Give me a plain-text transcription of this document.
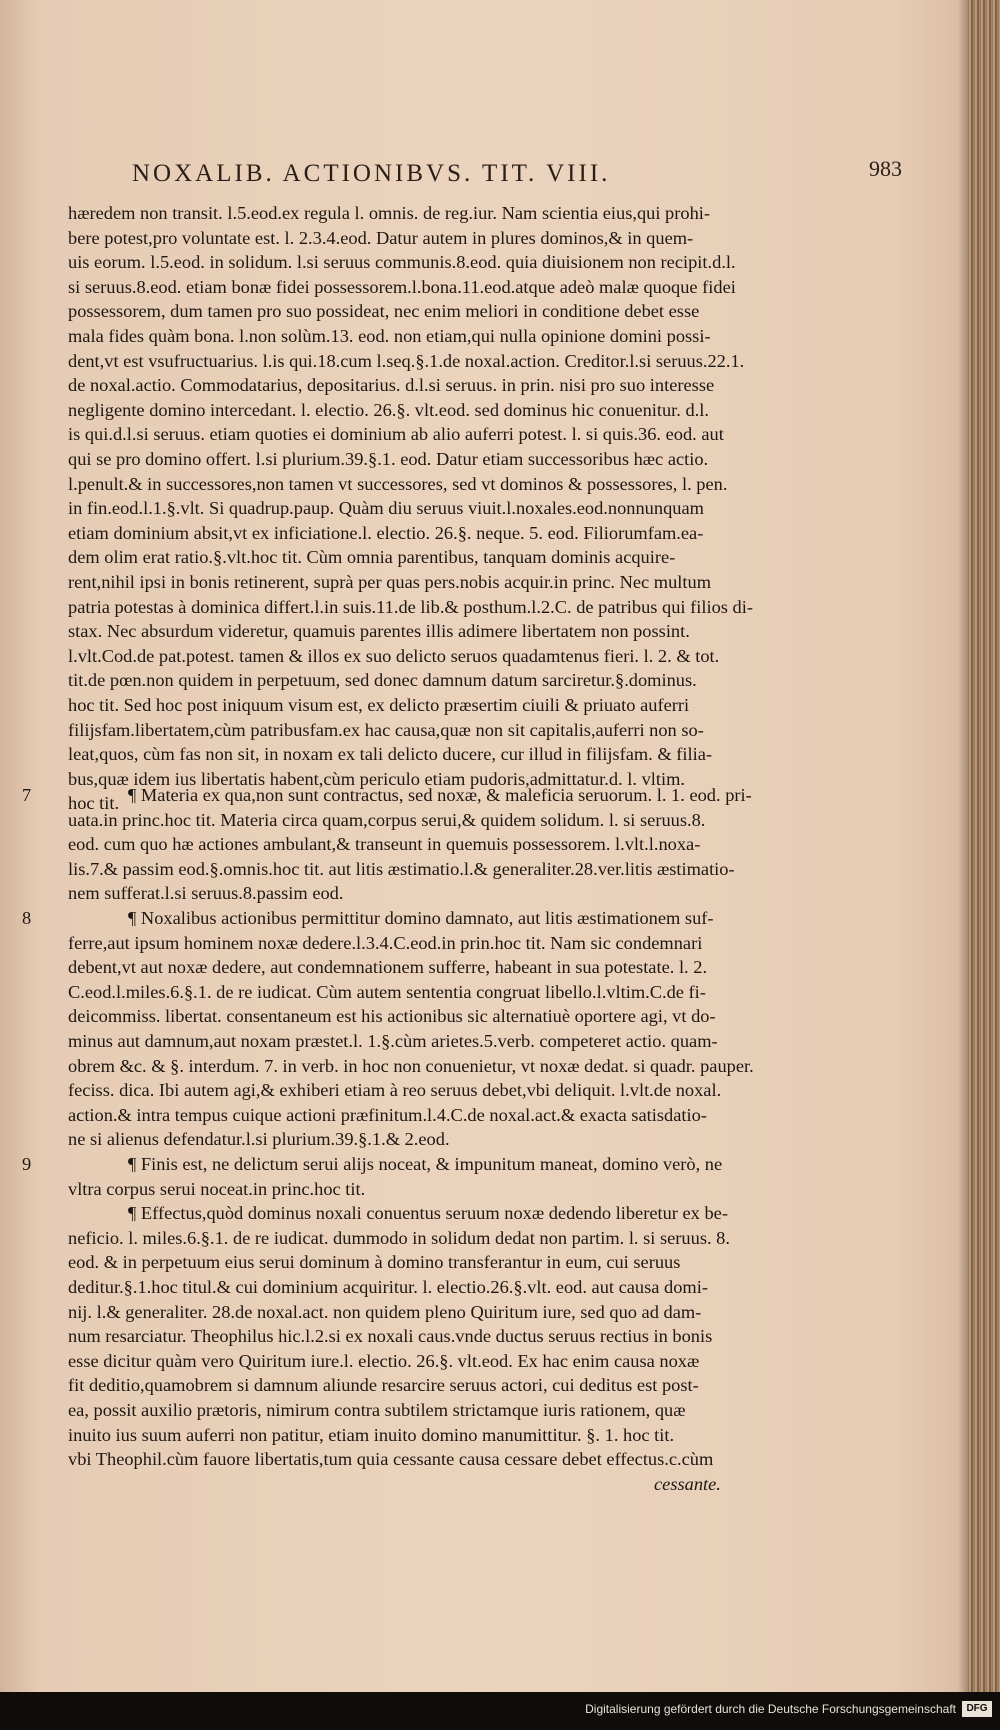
NOXALIB. ACTIONIBVS. TIT. VIII.	983
hæredem non transit. l.5.eod.ex regula l. omnis. de reg.iur. Nam scientia eius,qui prohi-
bere potest,pro voluntate est. l. 2.3.4.eod. Datur autem in plures dominos,& in quem-
uis eorum. l.5.eod. in solidum. l.si seruus communis.8.eod. quia diuisionem non recipit.d.l.
si seruus.8.eod. etiam bonæ fidei possessorem.l.bona.11.eod.atque adeò malæ quoque fidei
possessorem, dum tamen pro suo possideat, nec enim meliori in conditione debet esse
mala fides quàm bona. l.non solùm.13. eod. non etiam,qui nulla opinione domini possi-
dent,vt est vsufructuarius. l.is qui.18.cum l.seq.§.1.de noxal.action. Creditor.l.si seruus.22.1.
de noxal.actio. Commodatarius, depositarius. d.l.si seruus. in prin. nisi pro suo interesse
negligente domino intercedant. l. electio. 26.§. vlt.eod. sed dominus hic conuenitur. d.l.
is qui.d.l.si seruus. etiam quoties ei dominium ab alio auferri potest. l. si quis.36. eod. aut
qui se pro domino offert. l.si plurium.39.§.1. eod. Datur etiam successoribus hæc actio.
l.penult.& in successores,non tamen vt successores, sed vt dominos & possessores, l. pen.
in fin.eod.l.1.§.vlt. Si quadrup.paup. Quàm diu seruus viuit.l.noxales.eod.nonnunquam
etiam dominium absit,vt ex inficiatione.l. electio. 26.§. neque. 5. eod. Filiorumfam.ea-
dem olim erat ratio.§.vlt.hoc tit. Cùm omnia parentibus, tanquam dominis acquire-
rent,nihil ipsi in bonis retinerent, suprà per quas pers.nobis acquir.in princ. Nec multum
patria potestas à dominica differt.l.in suis.11.de lib.& posthum.l.2.C. de patribus qui filios di-
stax. Nec absurdum videretur, quamuis parentes illis adimere libertatem non possint.
l.vlt.Cod.de pat.potest. tamen & illos ex suo delicto seruos quadamtenus fieri. l. 2. & tot.
tit.de pœn.non quidem in perpetuum, sed donec damnum datum sarciretur.§.dominus.
hoc tit. Sed hoc post iniquum visum est, ex delicto præsertim ciuili & priuato auferri
filijsfam.libertatem,cùm patribusfam.ex hac causa,quæ non sit capitalis,auferri non so-
leat,quos, cùm fas non sit, in noxam ex tali delicto ducere, cur illud in filijsfam. & filia-
bus,quæ idem ius libertatis habent,cùm periculo etiam pudoris,admittatur.d. l. vltim.
hoc tit.
7	¶ Materia ex qua,non sunt contractus, sed noxæ, & maleficia seruorum. l. 1. eod. pri-
uata.in princ.hoc tit. Materia circa quam,corpus serui,& quidem solidum. l. si seruus.8.
eod. cum quo hæ actiones ambulant,& transeunt in quemuis possessorem. l.vlt.l.noxa-
lis.7.& passim eod.§.omnis.hoc tit. aut litis æstimatio.l.& generaliter.28.ver.litis æstimatio-
nem sufferat.l.si seruus.8.passim eod.
8	¶ Noxalibus actionibus permittitur domino damnato, aut litis æstimationem suf-
ferre,aut ipsum hominem noxæ dedere.l.3.4.C.eod.in prin.hoc tit. Nam sic condemnari
debent,vt aut noxæ dedere, aut condemnationem sufferre, habeant in sua potestate. l. 2.
C.eod.l.miles.6.§.1. de re iudicat. Cùm autem sententia congruat libello.l.vltim.C.de fi-
deicommiss. libertat. consentaneum est his actionibus sic alternatiuè oportere agi, vt do-
minus aut damnum,aut noxam præstet.l. 1.§.cùm arietes.5.verb. competeret actio. quam-
obrem &c. & §. interdum. 7. in verb. in hoc non conuenietur, vt noxæ dedat. si quadr. pauper.
feciss. dica. Ibi autem agi,& exhiberi etiam à reo seruus debet,vbi deliquit. l.vlt.de noxal.
action.& intra tempus cuique actioni præfinitum.l.4.C.de noxal.act.& exacta satisdatio-
ne si alienus defendatur.l.si plurium.39.§.1.& 2.eod.
9	¶ Finis est, ne delictum serui alijs noceat, & impunitum maneat, domino verò, ne
vltra corpus serui noceat.in princ.hoc tit.
¶ Effectus,quòd dominus noxali conuentus seruum noxæ dedendo liberetur ex be-
neficio. l. miles.6.§.1. de re iudicat. dummodo in solidum dedat non partim. l. si seruus. 8.
eod. & in perpetuum eius serui dominum à domino transferantur in eum, cui seruus
deditur.§.1.hoc titul.& cui dominium acquiritur. l. electio.26.§.vlt. eod. aut causa domi-
nij. l.& generaliter. 28.de noxal.act. non quidem pleno Quiritum iure, sed quo ad dam-
num resarciatur. Theophilus hic.l.2.si ex noxali caus.vnde ductus seruus rectius in bonis
esse dicitur quàm vero Quiritum iure.l. electio. 26.§. vlt.eod. Ex hac enim causa noxæ
fit deditio,quamobrem si damnum aliunde resarcire seruus actori, cui deditus est post-
ea, possit auxilio prætoris, nimirum contra subtilem strictamque iuris rationem, quæ
inuito ius suum auferri non patitur, etiam inuito domino manumittitur. §. 1. hoc tit.
vbi Theophil.cùm fauore libertatis,tum quia cessante causa cessare debet effectus.c.cùm
cessante.
Digitalisierung gefördert durch die Deutsche Forschungsgemeinschaft	DFG
